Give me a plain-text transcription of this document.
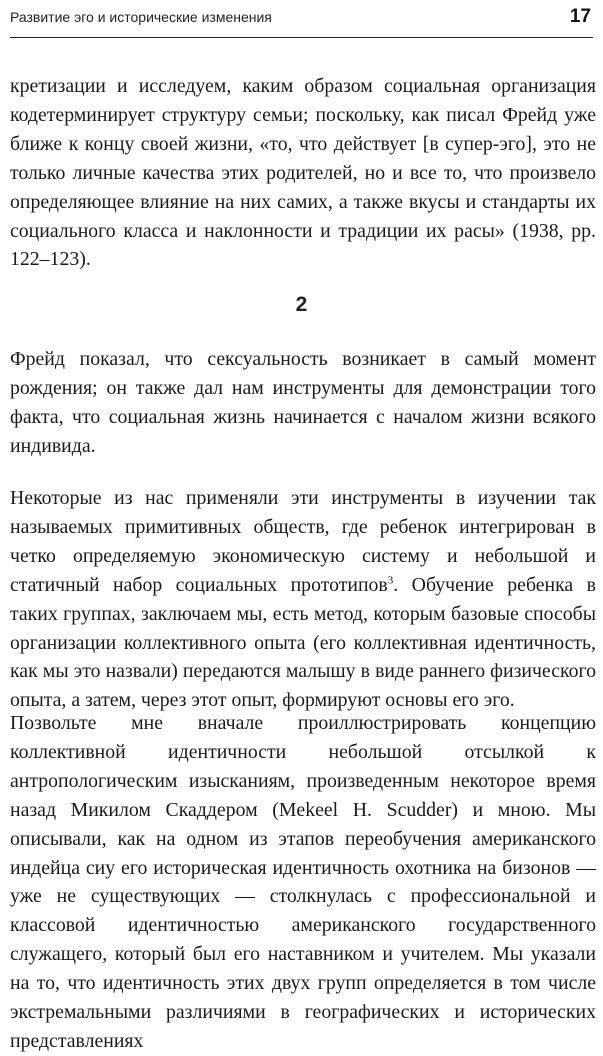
Развитие эго и исторические изменения	17

кретизации и исследуем, каким образом социальная организация кодетерминирует структуру семьи; поскольку, как писал Фрейд уже ближе к концу своей жизни, «то, что действует [в супер-эго], это не только личные качества этих родителей, но и все то, что произвело определяющее влияние на них самих, а также вкусы и стандарты их социального класса и наклонности и традиции их расы» (1938, pp. 122–123).

2

Фрейд показал, что сексуальность возникает в самый момент рождения; он также дал нам инструменты для демонстрации того факта, что социальная жизнь начинается с началом жизни всякого индивида.

Некоторые из нас применяли эти инструменты в изучении так называемых примитивных обществ, где ребенок интегрирован в четко определяемую экономическую систему и небольшой и статичный набор социальных прототипов$^3$. Обучение ребенка в таких группах, заключаем мы, есть метод, которым базовые способы организации коллективного опыта (его коллективная идентичность, как мы это назвали) передаются малышу в виде раннего физического опыта, а затем, через этот опыт, формируют основы его эго.

Позвольте мне вначале проиллюстрировать концепцию коллективной идентичности небольшой отсылкой к антропологическим изысканиям, произведенным некоторое время назад Микилом Скаддером (Mekeel H. Scudder) и мною. Мы описывали, как на одном из этапов переобучения американского индейца сиу его историческая идентичность охотника на бизонов — уже не существующих — столкнулась с профессиональной и классовой идентичностью американского государственного служащего, который был его наставником и учителем. Мы указали на то, что идентичность этих двух групп определяется в том числе экстремальными различиями в географических и исторических представлениях
